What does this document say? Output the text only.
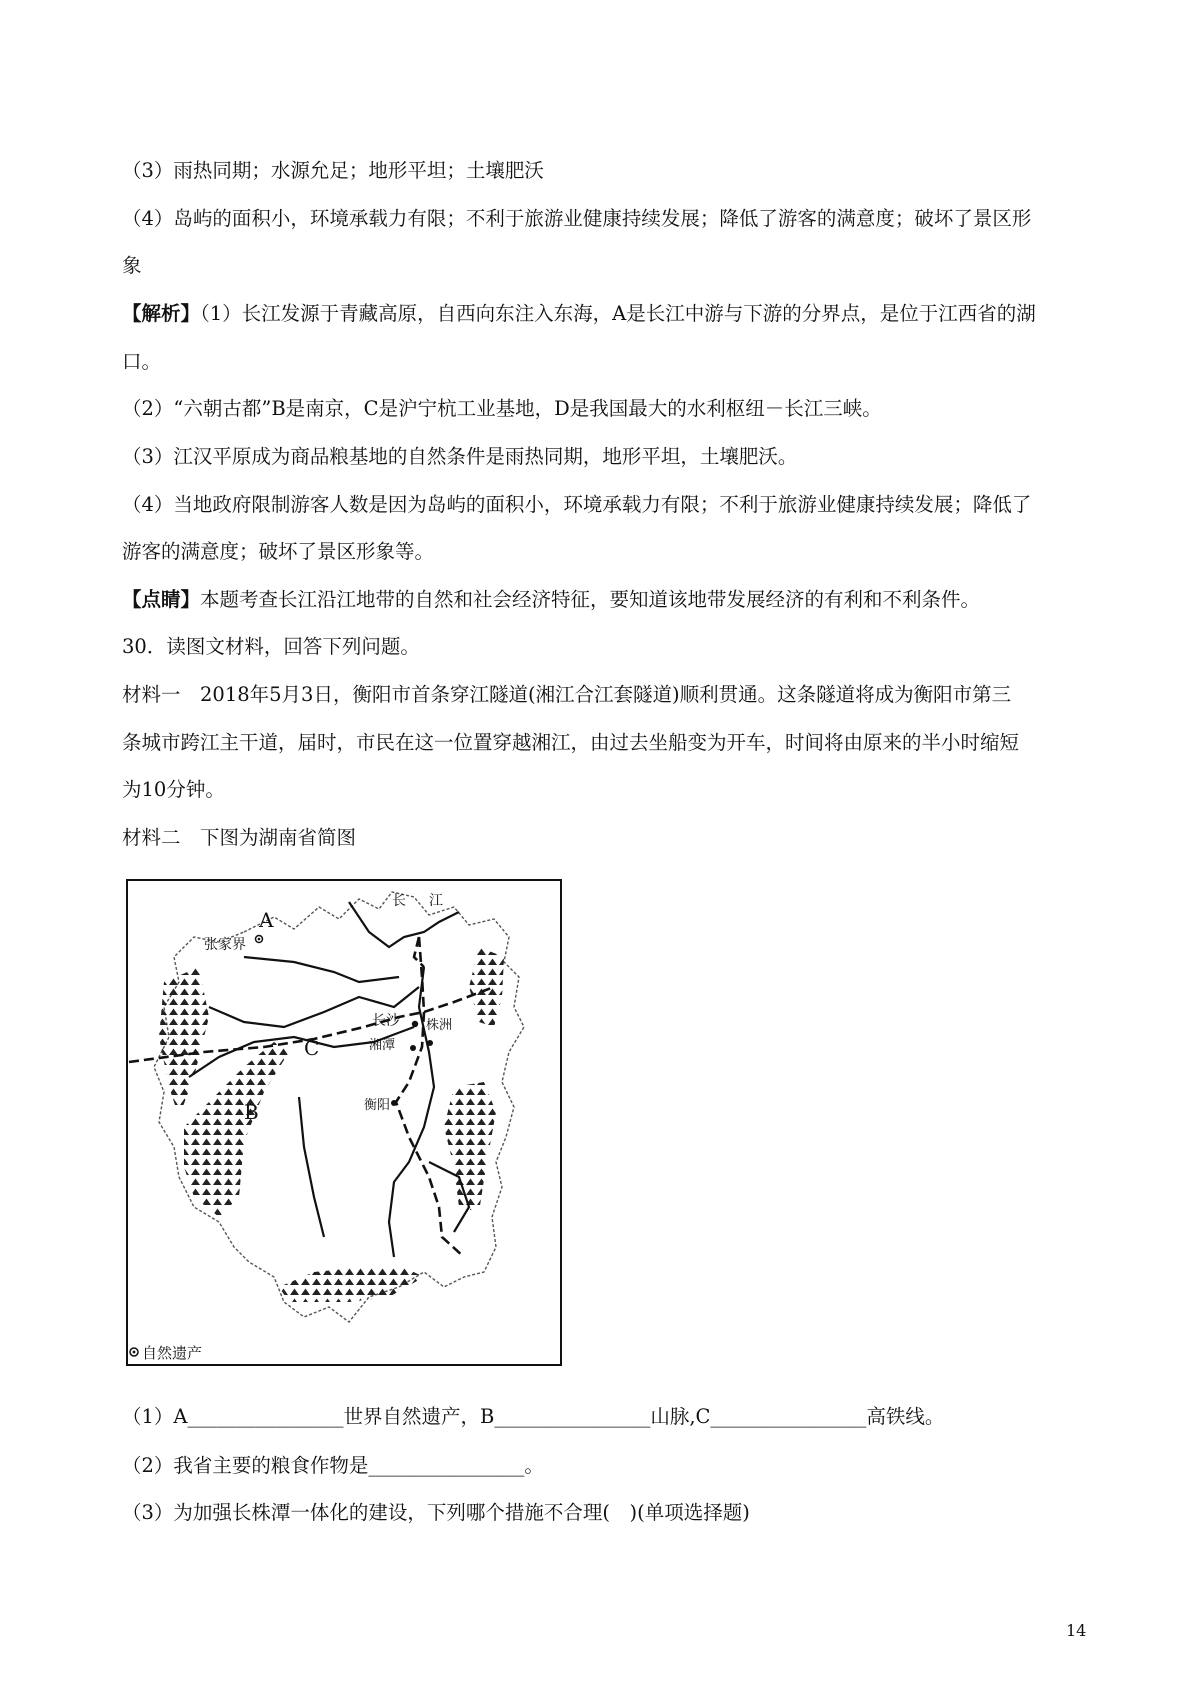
（3）雨热同期；水源允足；地形平坦；土壤肥沃
（4）岛屿的面积小，环境承载力有限；不利于旅游业健康持续发展；降低了游客的满意度；破坏了景区形
象
【解析】（1）长江发源于青藏高原，自西向东注入东海，A是长江中游与下游的分界点，是位于江西省的湖
口。
（2）“六朝古都”B是南京，C是沪宁杭工业基地，D是我国最大的水利枢纽－长江三峡。
（3）江汉平原成为商品粮基地的自然条件是雨热同期，地形平坦，土壤肥沃。
（4）当地政府限制游客人数是因为岛屿的面积小，环境承载力有限；不利于旅游业健康持续发展；降低了
游客的满意度；破坏了景区形象等。
【点睛】本题考查长江沿江地带的自然和社会经济特征，要知道该地带发展经济的有利和不利条件。
30．读图文材料，回答下列问题。
材料一　2018年5月3日，衡阳市首条穿江隧道(湘江合江套隧道)顺利贯通。这条隧道将成为衡阳市第三
条城市跨江主干道，届时，市民在这一位置穿越湘江，由过去坐船变为开车，时间将由原来的半小时缩短
为10分钟。
材料二　下图为湖南省简图
A
B
C
张家界
长沙 株洲
湘潭
衡阳
长 江
自然遗产
（1）A________________世界自然遗产，B________________山脉,C________________高铁线。
（2）我省主要的粮食作物是________________。
（3）为加强长株潭一体化的建设，下列哪个措施不合理(　)(单项选择题)
14
